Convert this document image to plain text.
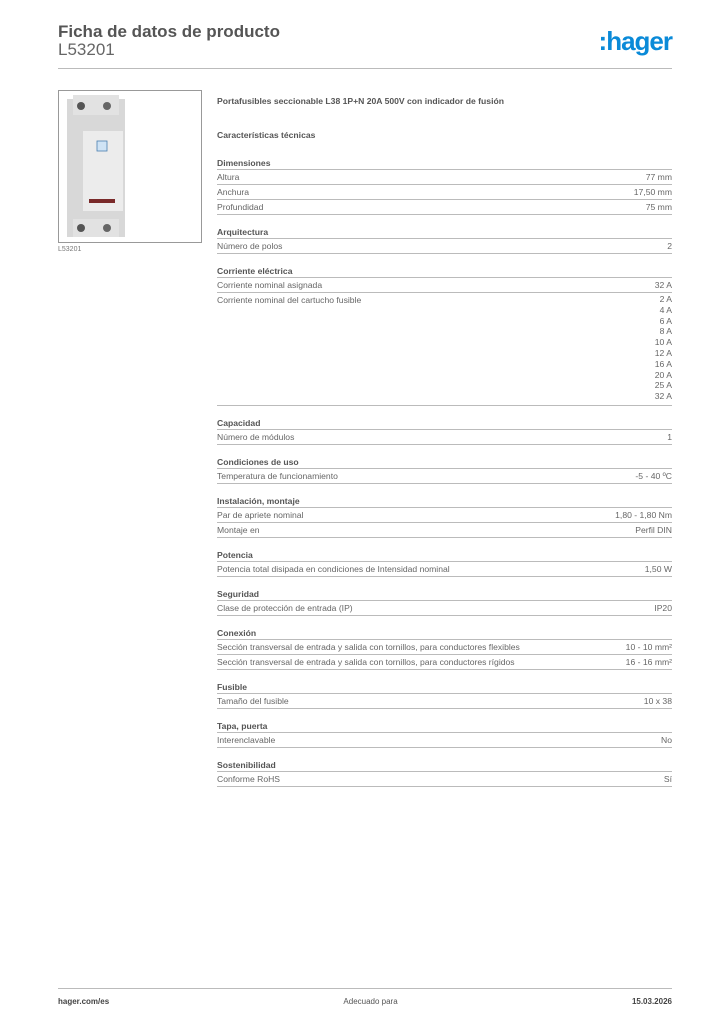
Ficha de datos de producto
L53201	:hager
L53201
Portafusibles seccionable L38 1P+N 20A 500V con indicador de fusión
Características técnicas
Dimensiones
Altura	77 mm
Anchura	17,50 mm
Profundidad	75 mm
Arquitectura
Número de polos	2
Corriente eléctrica
Corriente nominal asignada	32 A
Corriente nominal del cartucho fusible	2 A
4 A
6 A
8 A
10 A
12 A
16 A
20 A
25 A
32 A
Capacidad
Número de módulos	1
Condiciones de uso
Temperatura de funcionamiento	-5 - 40 ºC
Instalación, montaje
Par de apriete nominal	1,80 - 1,80 Nm
Montaje en	Perfil DIN
Potencia
Potencia total disipada en condiciones de Intensidad nominal	1,50 W
Seguridad
Clase de protección de entrada (IP)	IP20
Conexión
Sección transversal de entrada y salida con tornillos, para conductores flexibles	10 - 10 mm²
Sección transversal de entrada y salida con tornillos, para conductores rígidos	16 - 16 mm²
Fusible
Tamaño del fusible	10 x 38
Tapa, puerta
Interenclavable	No
Sostenibilidad
Conforme RoHS	Sí
hager.com/es	Adecuado para	15.03.2026
